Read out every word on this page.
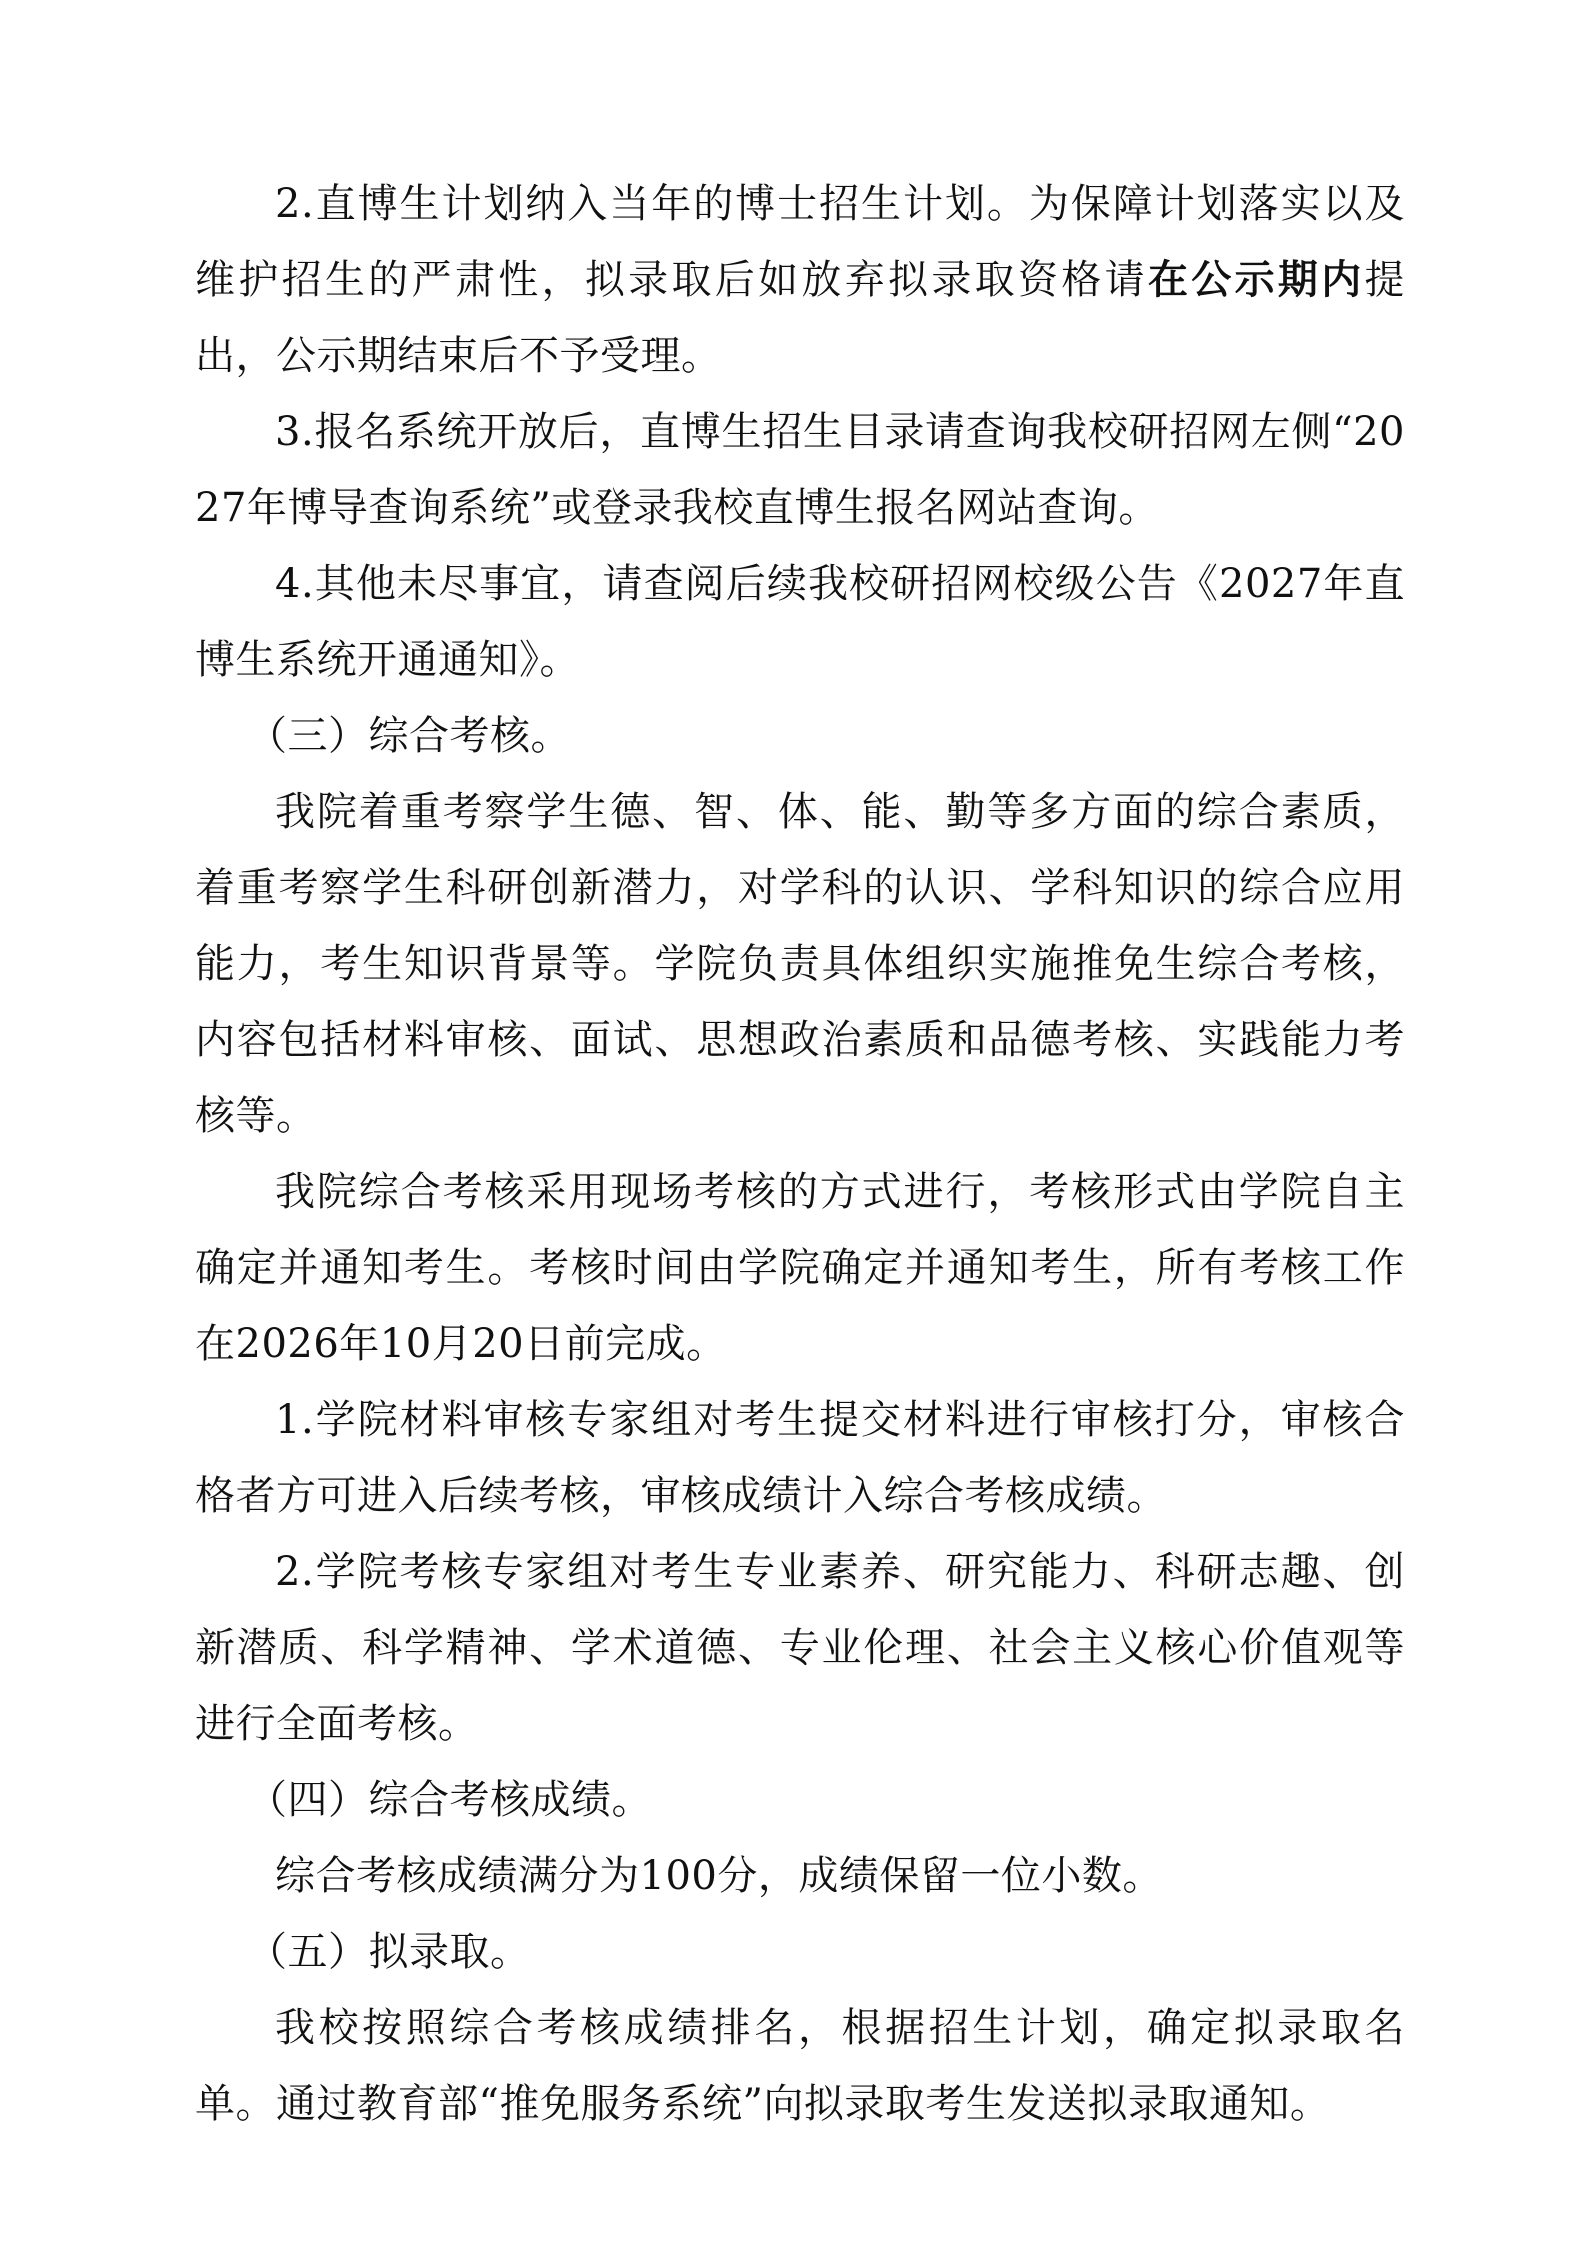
2.直博生计划纳入当年的博士招生计划。为保障计划落实以及维护招生的严肃性，拟录取后如放弃拟录取资格请在公示期内提出，公示期结束后不予受理。

3.报名系统开放后，直博生招生目录请查询我校研招网左侧“2027年博导查询系统”或登录我校直博生报名网站查询。

4.其他未尽事宜，请查阅后续我校研招网校级公告《2027年直博生系统开通通知》。

（三）综合考核。

我院着重考察学生德、智、体、能、勤等多方面的综合素质，着重考察学生科研创新潜力，对学科的认识、学科知识的综合应用能力，考生知识背景等。学院负责具体组织实施推免生综合考核，内容包括材料审核、面试、思想政治素质和品德考核、实践能力考核等。

我院综合考核采用现场考核的方式进行，考核形式由学院自主确定并通知考生。考核时间由学院确定并通知考生，所有考核工作在2026年10月20日前完成。

1.学院材料审核专家组对考生提交材料进行审核打分，审核合格者方可进入后续考核，审核成绩计入综合考核成绩。

2.学院考核专家组对考生专业素养、研究能力、科研志趣、创新潜质、科学精神、学术道德、专业伦理、社会主义核心价值观等进行全面考核。

（四）综合考核成绩。

综合考核成绩满分为100分，成绩保留一位小数。

（五）拟录取。

我校按照综合考核成绩排名，根据招生计划，确定拟录取名单。通过教育部“推免服务系统”向拟录取考生发送拟录取通知。
